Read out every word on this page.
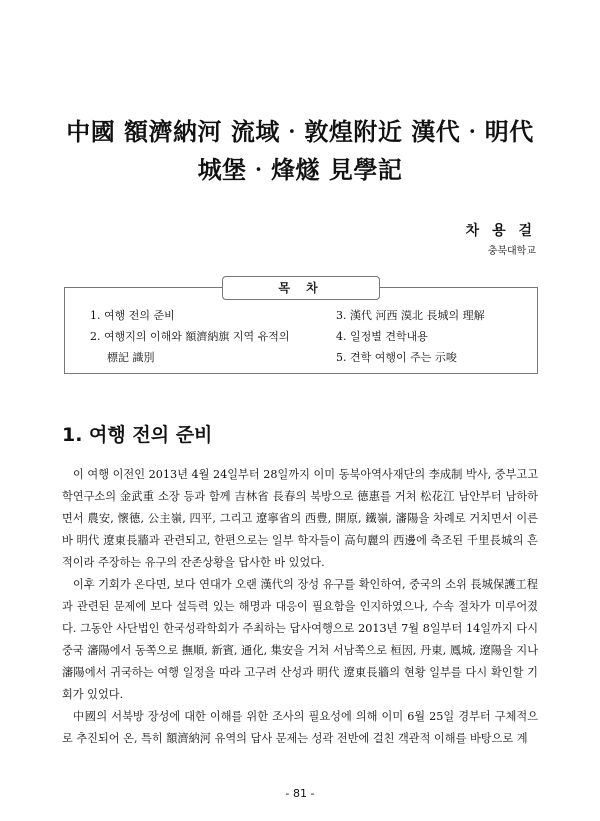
中國 額濟納河 流域‧敦煌附近 漢代‧明代
城堡‧烽燧 見學記
차 용 걸
충북대학교
목 차
1. 여행 전의 준비
2. 여행지의 이해와 額濟納旗 지역 유적의
標記 識別
3. 漢代 河西 漠北 長城의 理解
4. 일정별 견학내용
5. 견학 여행이 주는 示唆
1. 여행 전의 준비

이 여행 이전인 2013년 4월 24일부터 28일까지 이미 동북아역사재단의 李成制 박사, 중부고고학연구소의 金武重 소장 등과 함께 吉林省 長春의 북방으로 德惠를 거쳐 松花江 남안부터 남하하면서 農安, 懷德, 公主嶺, 四平, 그리고 遼寧省의 西豊, 開原, 鐵嶺, 瀋陽을 차례로 거치면서 이른바 明代 遼東長牆과 관련되고, 한편으로는 일부 학자들이 高句麗의 西邊에 축조된 千里長城의 흔적이라 주장하는 유구의 잔존상황을 답사한 바 있었다.

이후 기회가 온다면, 보다 연대가 오랜 漢代의 장성 유구를 확인하여, 중국의 소위 長城保護工程과 관련된 문제에 보다 설득력 있는 해명과 대응이 필요함을 인지하였으나, 수속 절차가 미루어졌다. 그동안 사단법인 한국성곽학회가 주최하는 답사여행으로 2013년 7월 8일부터 14일까지 다시 중국 瀋陽에서 동쪽으로 撫順, 新賓, 通化, 集安을 거쳐 서남쪽으로 桓因, 丹東, 鳳城, 遼陽을 지나 瀋陽에서 귀국하는 여행 일정을 따라 고구려 산성과 明代 遼東長牆의 현황 일부를 다시 확인할 기회가 있었다.

中國의 서북방 장성에 대한 이해를 위한 조사의 필요성에 의해 이미 6월 25일 경부터 구체적으로 추진되어 온, 특히 額濟納河 유역의 답사 문제는 성곽 전반에 걸친 객관적 이해를 바탕으로 계

- 81 -
